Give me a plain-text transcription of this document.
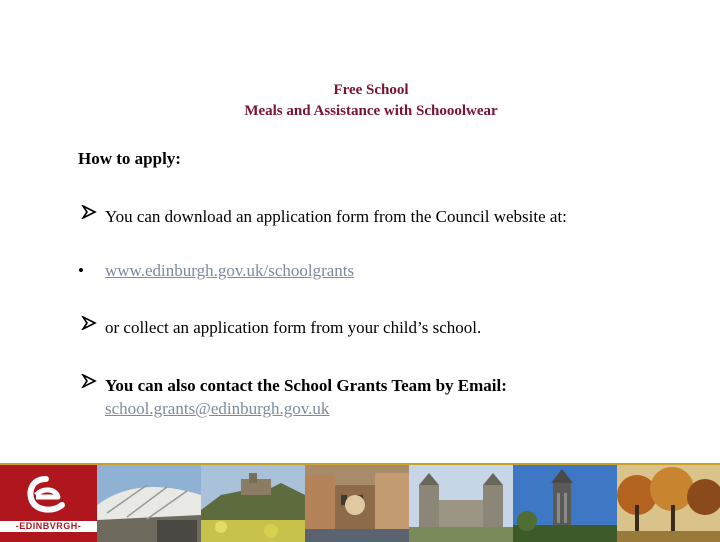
Free School
Meals and Assistance with Schooolwear
How to apply:
You can download an application form from the Council website at:
•	www.edinburgh.gov.uk/schoolgrants
or collect an application form from your child’s school.
You can also contact the School Grants Team by Email:
school.grants@edinburgh.gov.uk
-EDINBVRGH-
